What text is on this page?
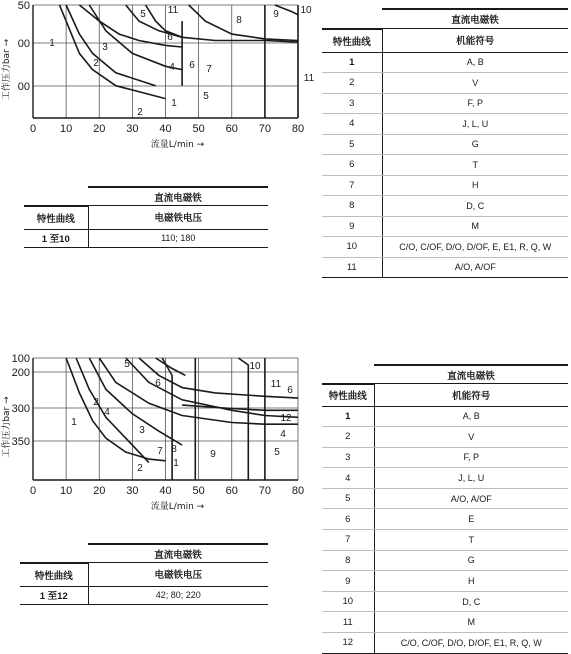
0 10 20 30 40 50 60 70 80
00
00
50
1
2
3
4
5
6
7
8
9 10
11
5
11
2
1
6
流量L/min →
工作压力bar →
0 10 20 30 40 50 60 70 80
350
300
200
100
1
2
3
4
5
6
7 8	9
10
11
12
5
6
4
2	1
流量L/min →
工作压力bar →
	直流电磁铁
特性曲线	电磁铁电压
1 至10	110; 180
	直流电磁铁
特性曲线	机能符号
1	A, B
2	V
3	F, P
4	J, L, U
5	G
6	T
7	H
8	D, C
9	M
10	C/O, C/OF, D/O, D/OF, E, E1, R, Q, W
11	A/O, A/OF
	直流电磁铁
特性曲线	电磁铁电压
1 至12	42; 80; 220
	直流电磁铁
特性曲线	机能符号
1	A, B
2	V
3	F, P
4	J, L, U
5	A/O, A/OF
6	E
7	T
8	G
9	H
10	D, C
11	M
12	C/O, C/OF, D/O, D/OF, E1, R, Q, W
